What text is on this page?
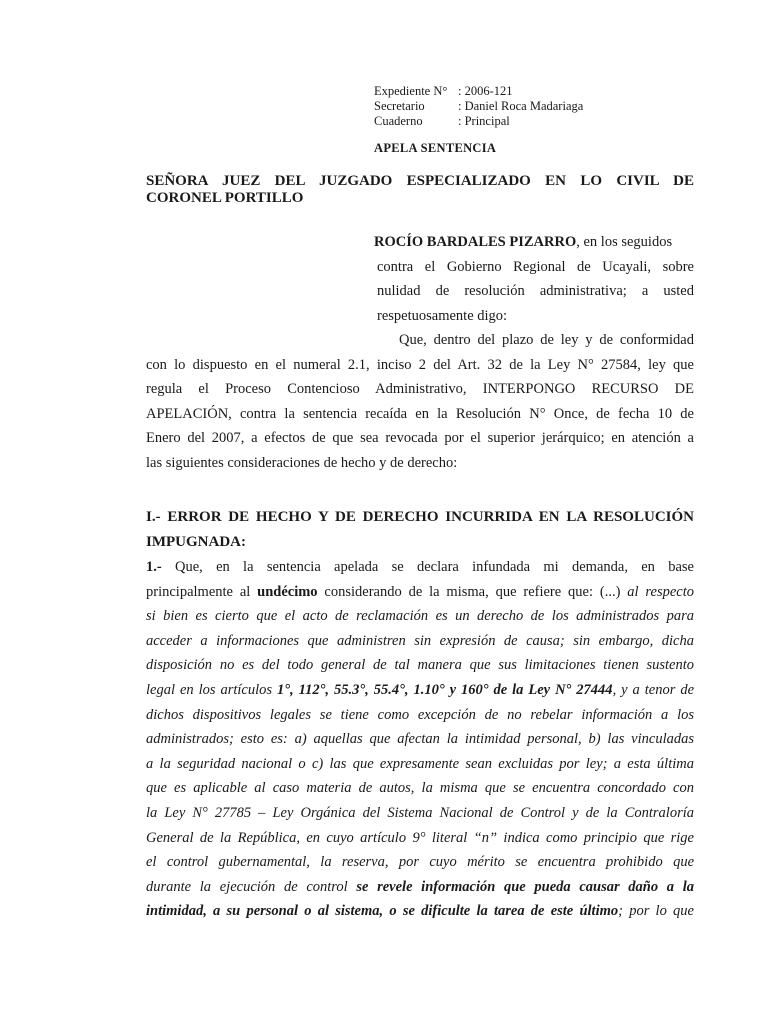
Expediente N° : 2006-121
Secretario	: Daniel Roca Madariaga
Cuaderno	: Principal
APELA SENTENCIA
SEÑORA JUEZ DEL JUZGADO ESPECIALIZADO EN LO CIVIL DE
CORONEL PORTILLO
ROCÍO BARDALES PIZARRO, en los seguidos
contra el Gobierno Regional de Ucayali, sobre
nulidad de resolución administrativa; a usted
respetuosamente digo:
Que, dentro del plazo de ley y de conformidad
con lo dispuesto en el numeral 2.1, inciso 2 del Art. 32 de la Ley N° 27584, ley que
regula el Proceso Contencioso Administrativo, INTERPONGO RECURSO DE
APELACIÓN, contra la sentencia recaída en la Resolución N° Once, de fecha 10 de
Enero del 2007, a efectos de que sea revocada por el superior jerárquico; en atención a
las siguientes consideraciones de hecho y de derecho:
I.- ERROR DE HECHO Y DE DERECHO INCURRIDA EN LA RESOLUCIÓN
IMPUGNADA:
1.- Que, en la sentencia apelada se declara infundada mi demanda, en base
principalmente al undécimo considerando de la misma, que refiere que: (...) al respecto
si bien es cierto que el acto de reclamación es un derecho de los administrados para
acceder a informaciones que administren sin expresión de causa; sin embargo, dicha
disposición no es del todo general de tal manera que sus limitaciones tienen sustento
legal en los artículos 1°, 112°, 55.3°, 55.4°, 1.10° y 160° de la Ley N° 27444, y a tenor de
dichos dispositivos legales se tiene como excepción de no rebelar información a los
administrados; esto es: a) aquellas que afectan la intimidad personal, b) las vinculadas
a la seguridad nacional o c) las que expresamente sean excluidas por ley; a esta última
que es aplicable al caso materia de autos, la misma que se encuentra concordado con
la Ley N° 27785 – Ley Orgánica del Sistema Nacional de Control y de la Contraloría
General de la República, en cuyo artículo 9° literal “n” indica como principio que rige
el control gubernamental, la reserva, por cuyo mérito se encuentra prohibido que
durante la ejecución de control se revele información que pueda causar daño a la
intimidad, a su personal o al sistema, o se dificulte la tarea de este último; por lo que
